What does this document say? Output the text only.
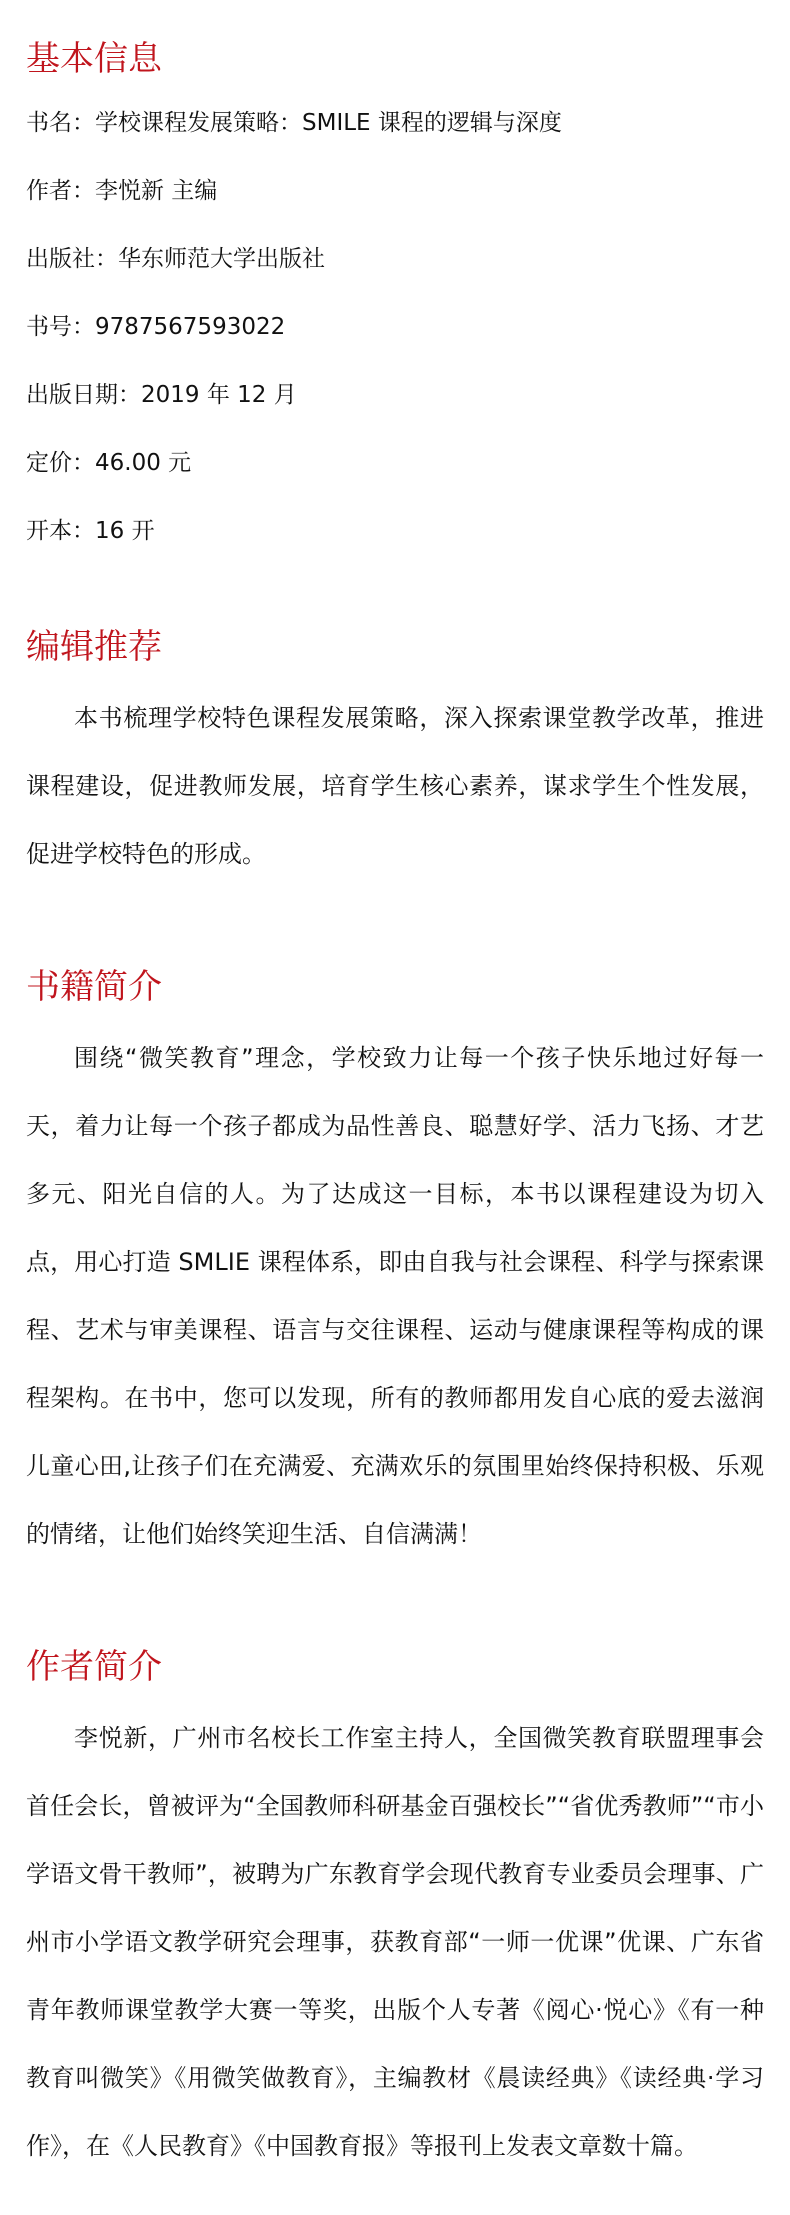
基本信息

书名：学校课程发展策略：SMILE 课程的逻辑与深度

作者：李悦新 主编

出版社：华东师范大学出版社

书号：9787567593022

出版日期：2019 年 12 月

定价：46.00 元

开本：16 开

编辑推荐

本书梳理学校特色课程发展策略，深入探索课堂教学改革，推进课程建设，促进教师发展，培育学生核心素养，谋求学生个性发展，促进学校特色的形成。

书籍简介

围绕“微笑教育”理念，学校致力让每一个孩子快乐地过好每一天，着力让每一个孩子都成为品性善良、聪慧好学、活力飞扬、才艺多元、阳光自信的人。为了达成这一目标，本书以课程建设为切入点，用心打造 SMLIE 课程体系，即由自我与社会课程、科学与探索课程、艺术与审美课程、语言与交往课程、运动与健康课程等构成的课程架构。在书中，您可以发现，所有的教师都用发自心底的爱去滋润儿童心田,让孩子们在充满爱、充满欢乐的氛围里始终保持积极、乐观的情绪，让他们始终笑迎生活、自信满满！

作者简介

李悦新，广州市名校长工作室主持人，全国微笑教育联盟理事会首任会长，曾被评为“全国教师科研基金百强校长”“省优秀教师”“市小学语文骨干教师”，被聘为广东教育学会现代教育专业委员会理事、广州市小学语文教学研究会理事，获教育部“一师一优课”优课、广东省青年教师课堂教学大赛一等奖，出版个人专著《阅心·悦心》《有一种教育叫微笑》《用微笑做教育》，主编教材《晨读经典》《读经典·学习作》，在《人民教育》《中国教育报》等报刊上发表文章数十篇。
